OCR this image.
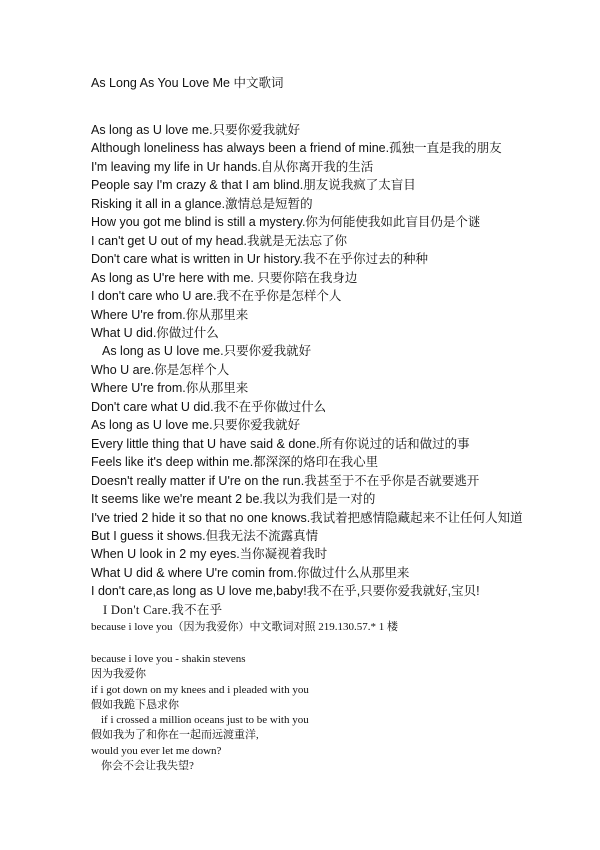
As Long As You Love Me 中文歌词
As long as U love me.只要你爱我就好
Although loneliness has always been a friend of mine.孤独一直是我的朋友
I'm leaving my life in Ur hands.自从你离开我的生活
People say I'm crazy & that I am blind.朋友说我疯了太盲目
Risking it all in a glance.激情总是短暂的
How you got me blind is still a mystery.你为何能使我如此盲目仍是个谜
I can't get U out of my head.我就是无法忘了你
Don't care what is written in Ur history.我不在乎你过去的种种
As long as U're here with me. 只要你陪在我身边
I don't care who U are.我不在乎你是怎样个人
Where U're from.你从那里来
What U did.你做过什么
As long as U love me.只要你爱我就好
Who U are.你是怎样个人
Where U're from.你从那里来
Don't care what U did.我不在乎你做过什么
As long as U love me.只要你爱我就好
Every little thing that U have said & done.所有你说过的话和做过的事
Feels like it's deep within me.都深深的烙印在我心里
Doesn't really matter if U're on the run.我甚至于不在乎你是否就要逃开
It seems like we're meant 2 be.我以为我们是一对的
I've tried 2 hide it so that no one knows.我试着把感情隐藏起来不让任何人知道
But I guess it shows.但我无法不流露真情
When U look in 2 my eyes.当你凝视着我时
What U did & where U're comin from.你做过什么从那里来
I don't care,as long as U love me,baby!我不在乎,只要你爱我就好,宝贝!
I Don't Care.我不在乎
because i love you（因为我爱你）中文歌词对照 219.130.57.* 1 楼
because i love you - shakin stevens
因为我爱你
if i got down on my knees and i pleaded with you
假如我跪下恳求你
if i crossed a million oceans just to be with you
假如我为了和你在一起而远渡重洋,
would you ever let me down?
你会不会让我失望?
